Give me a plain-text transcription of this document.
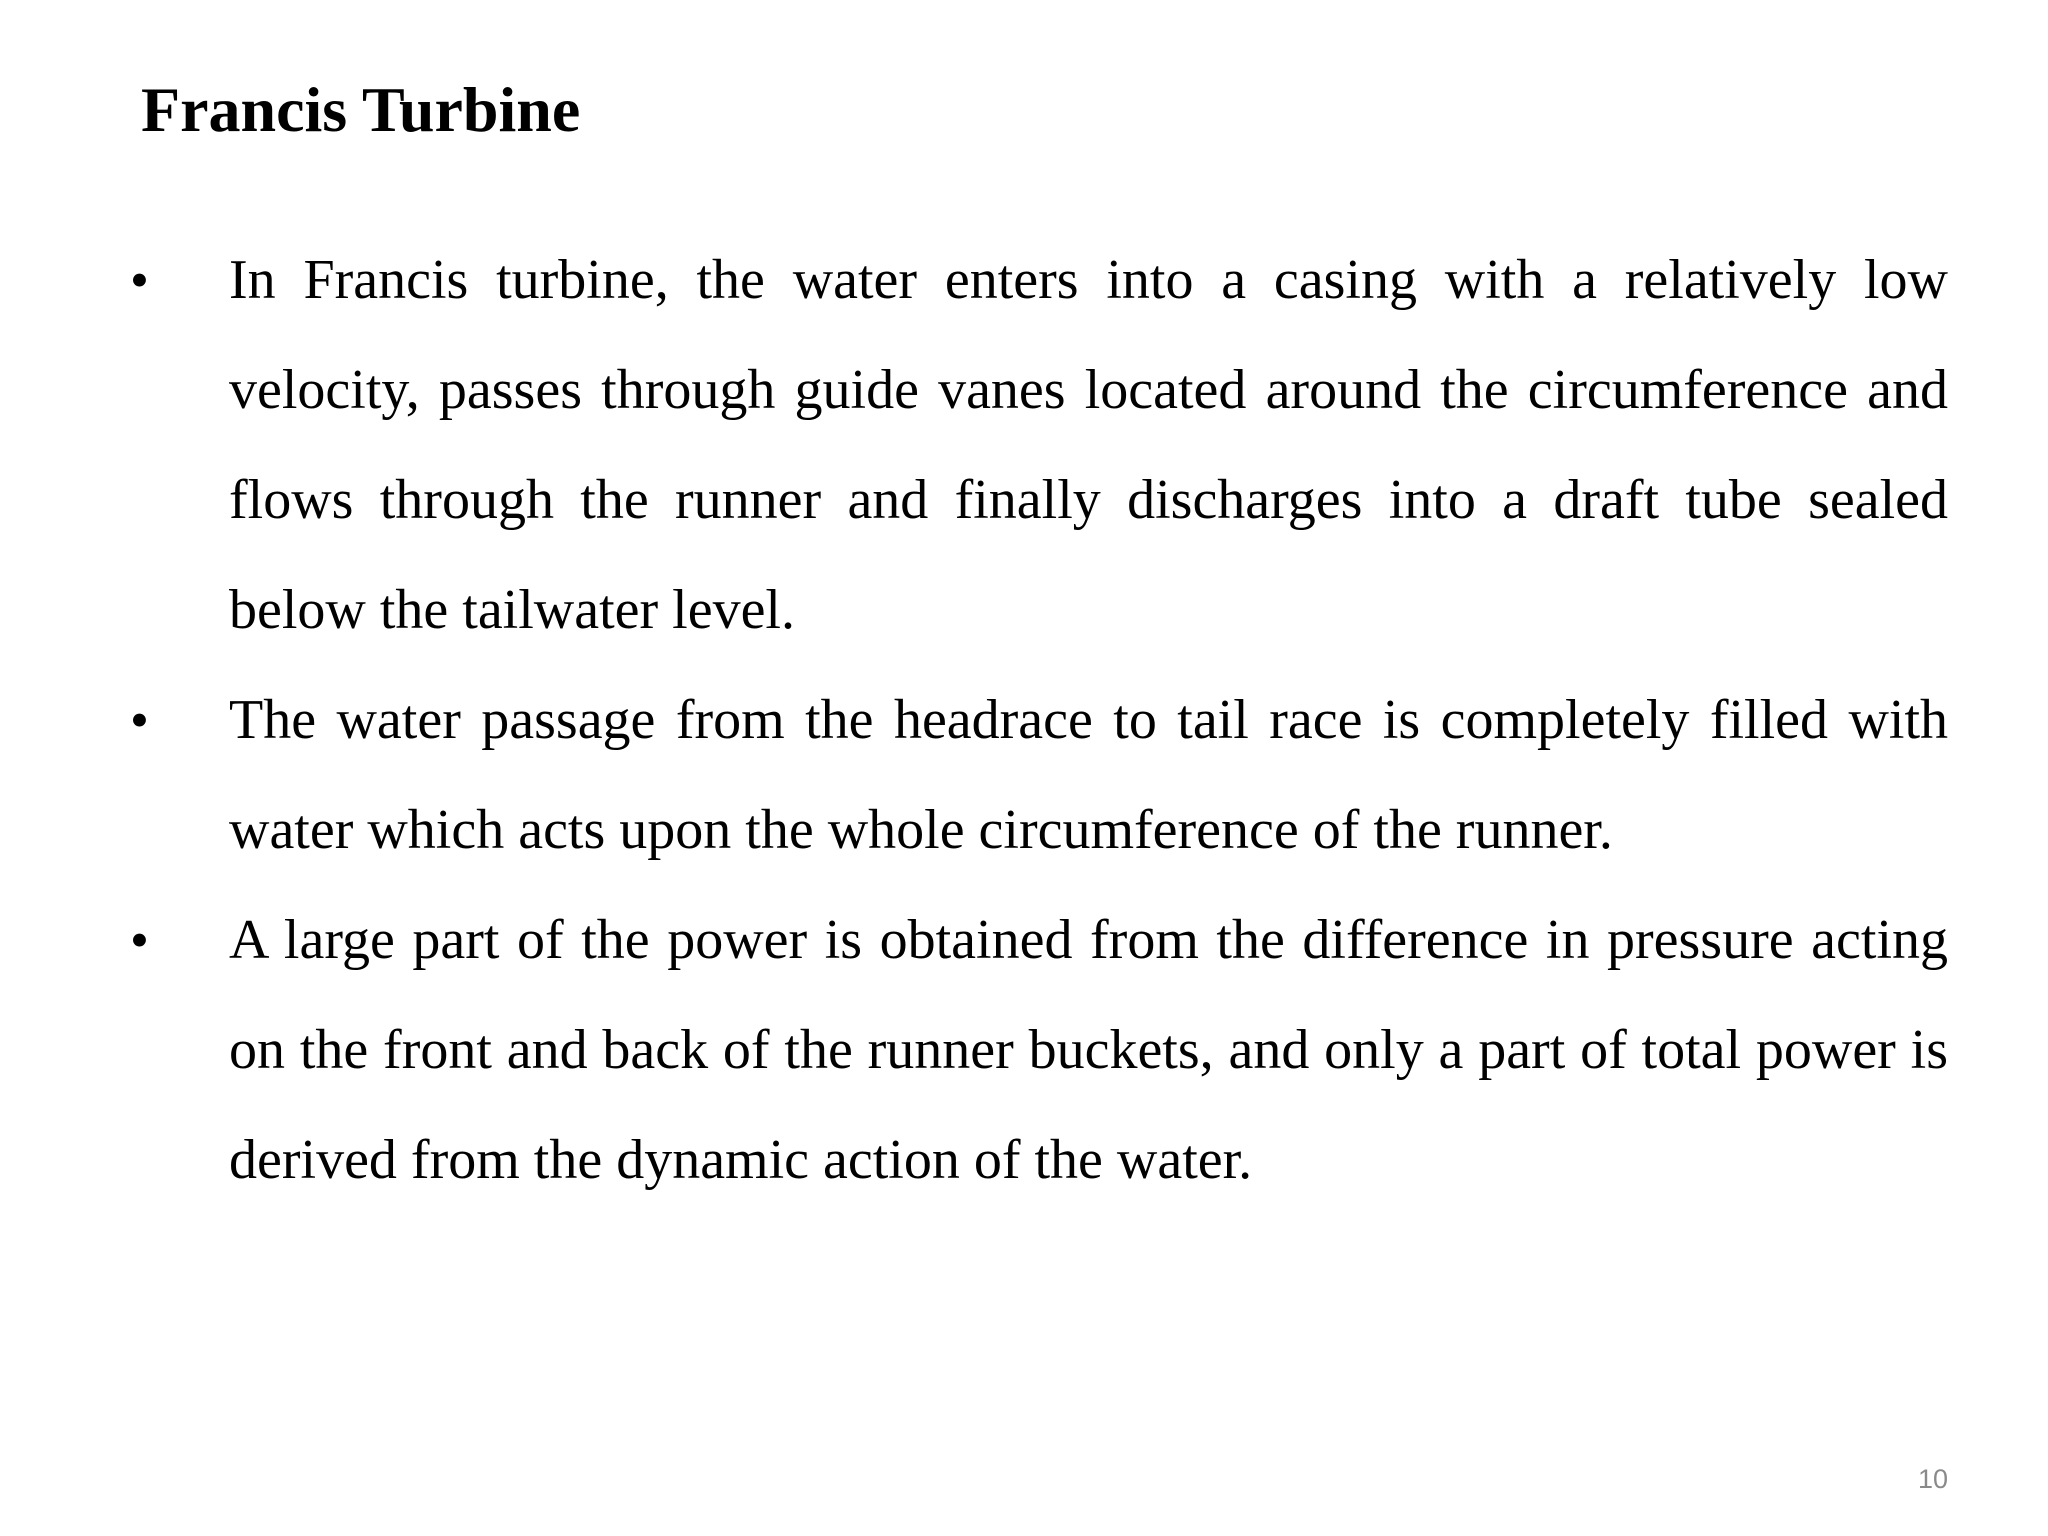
Francis Turbine
• In Francis turbine, the water enters into a casing with a relatively low velocity, passes through guide vanes located around the circumference and flows through the runner and finally discharges into a draft tube sealed below the tailwater level.
• The water passage from the headrace to tail race is completely filled with water which acts upon the whole circumference of the runner.
• A large part of the power is obtained from the difference in pressure acting on the front and back of the runner buckets, and only a part of total power is derived from the dynamic action of the water.
10
